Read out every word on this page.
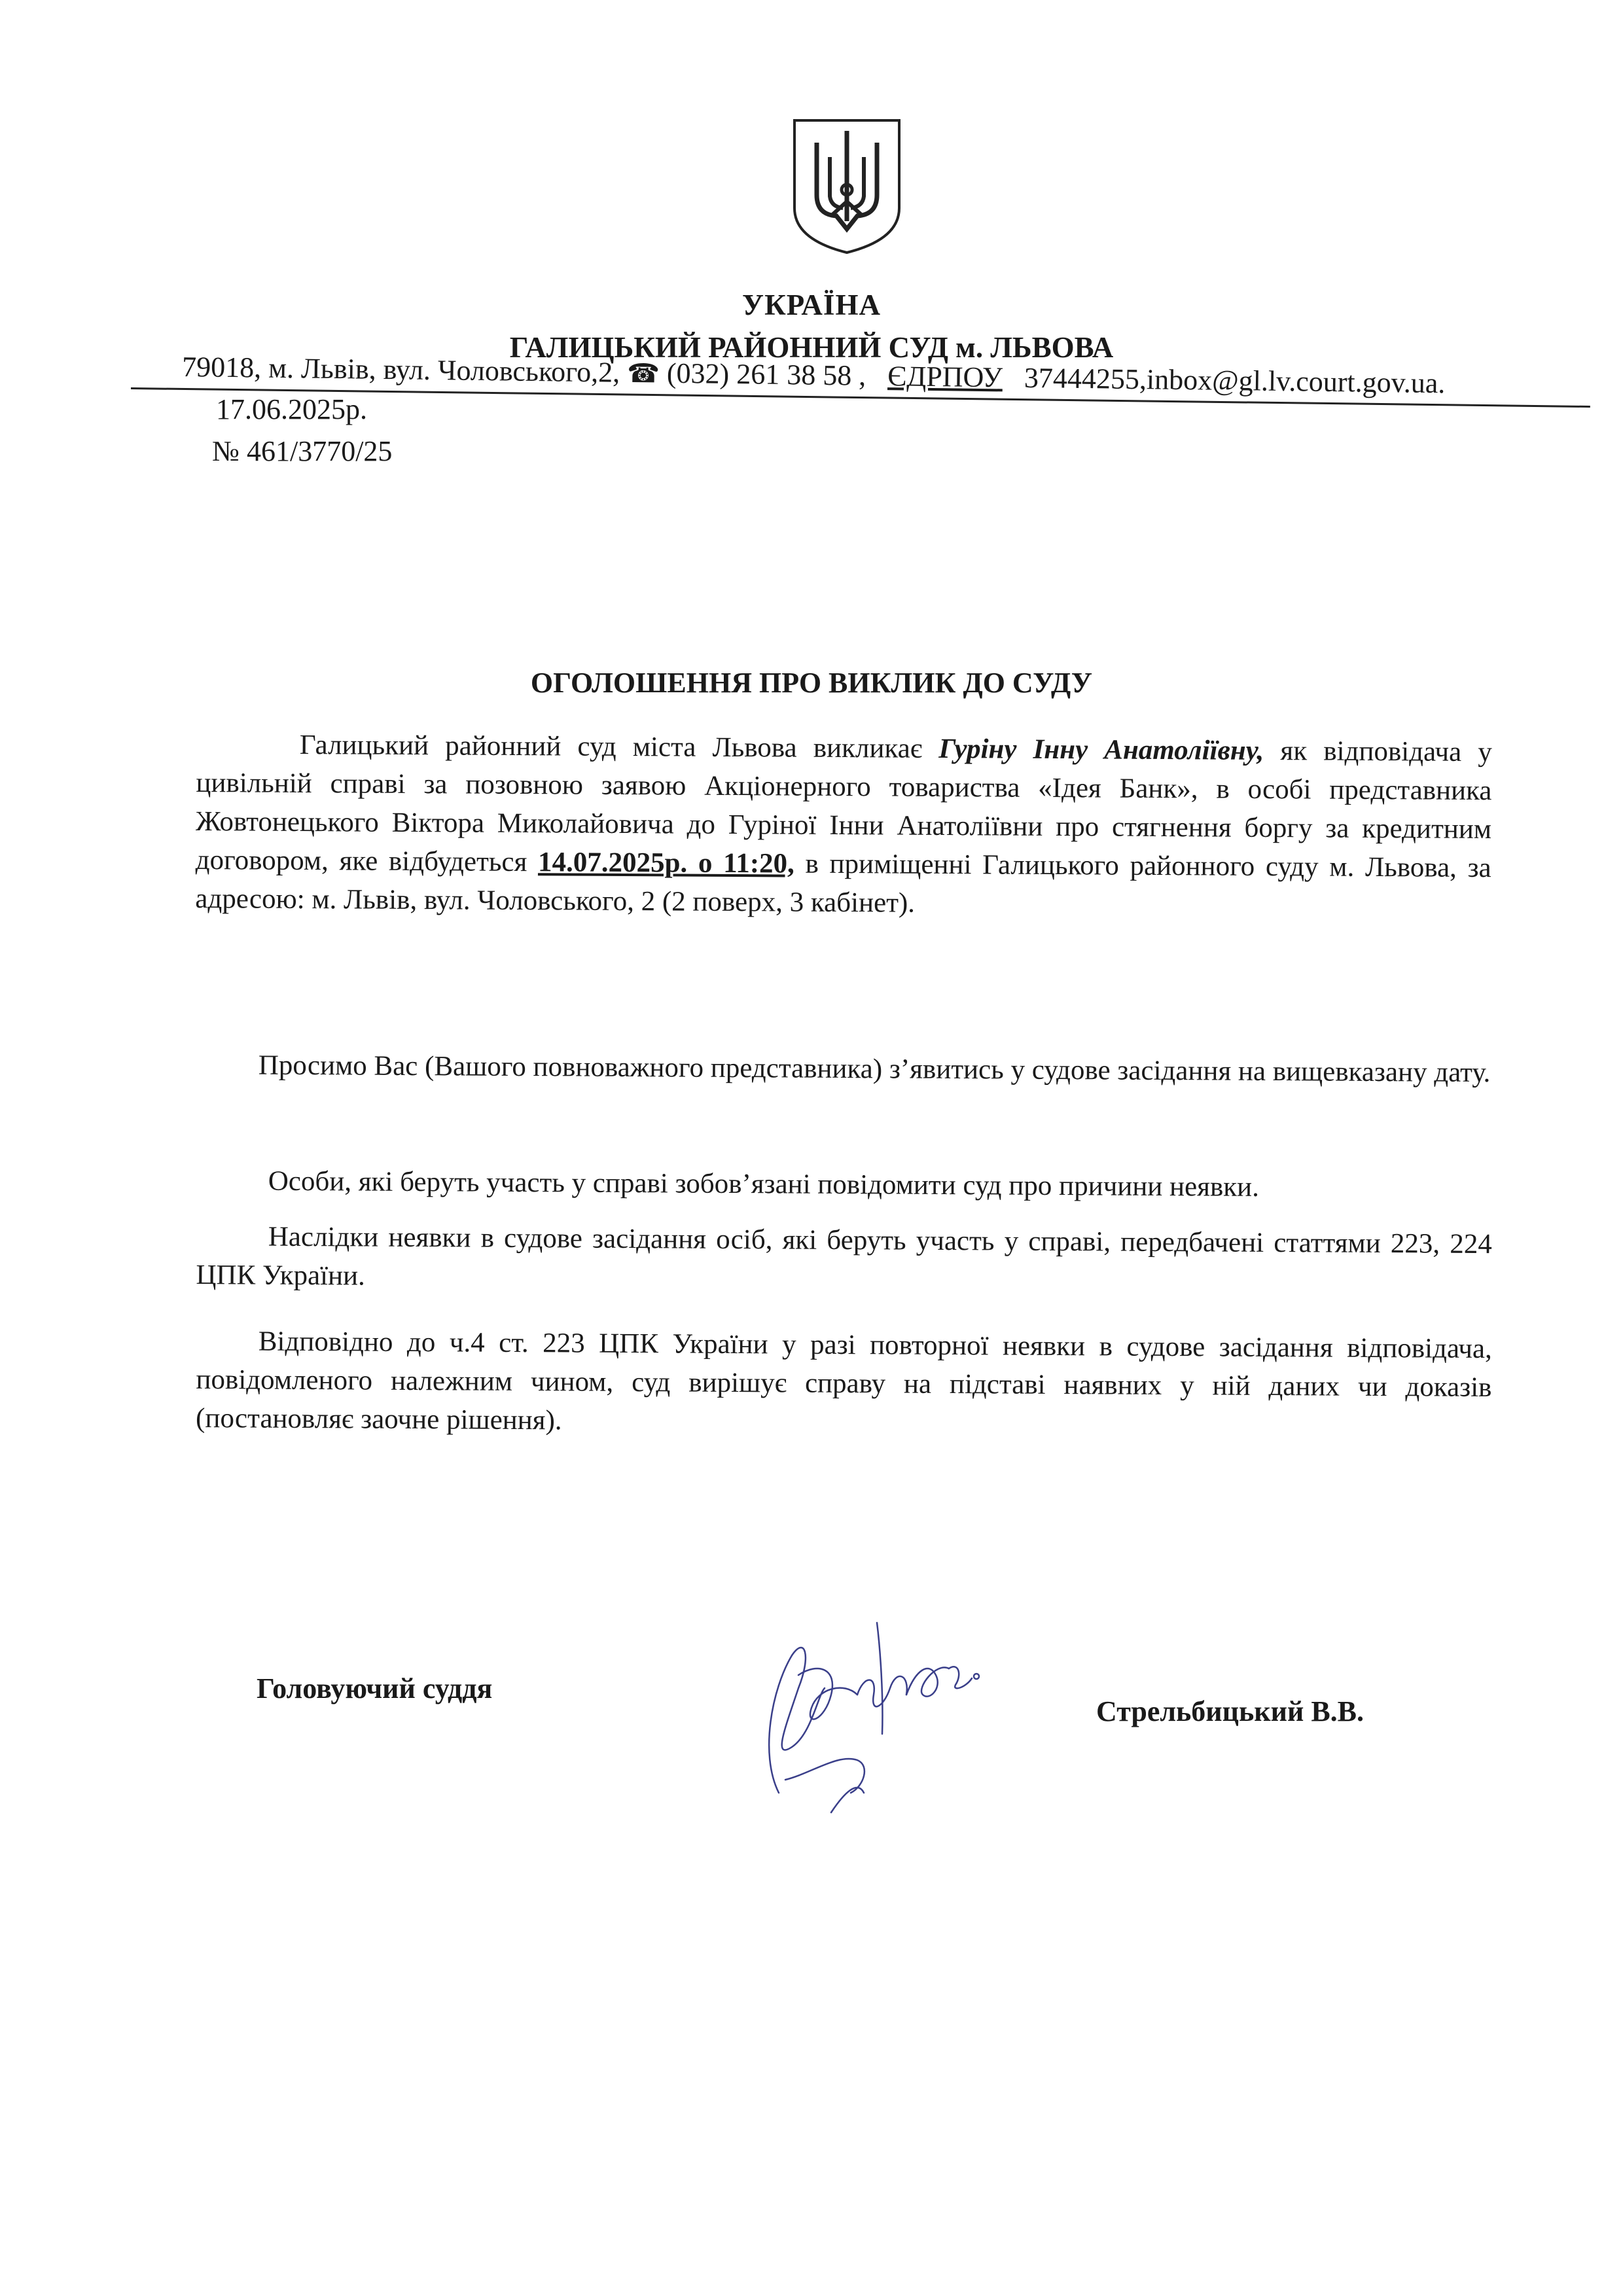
УКРАЇНА
ГАЛИЦЬКИЙ РАЙОННИЙ СУД м. ЛЬВОВА
79018, м. Львів, вул. Чоловського,2, ☎ (032) 261 38 58 , ЄДРПОУ 37444255,inbox@gl.lv.court.gov.ua.
17.06.2025р.
№ 461/3770/25
ОГОЛОШЕННЯ ПРО ВИКЛИК ДО СУДУ
Галицький районний суд міста Львова викликає Гуріну Інну Анатоліївну, як відповідача у цивільній справі за позовною заявою Акціонерного товариства «Ідея Банк», в особі представника Жовтонецького Віктора Миколайовича до Гуріної Інни Анатоліївни про стягнення боргу за кредитним договором, яке відбудеться 14.07.2025р. о 11:20, в приміщенні Галицького районного суду м. Львова, за адресою: м. Львів, вул. Чоловського, 2 (2 поверх, 3 кабінет).
Просимо Вас (Вашого повноважного представника) з’явитись у судове засідання на вищевказану дату.
Особи, які беруть участь у справі зобов’язані повідомити суд про причини неявки.
Наслідки неявки в судове засідання осіб, які беруть участь у справі, передбачені статтями 223, 224 ЦПК України.
Відповідно до ч.4 ст. 223 ЦПК України у разі повторної неявки в судове засідання відповідача, повідомленого належним чином, суд вирішує справу на підставі наявних у ній даних чи доказів (постановляє заочне рішення).
Головуючий суддя
Стрельбицький В.В.
